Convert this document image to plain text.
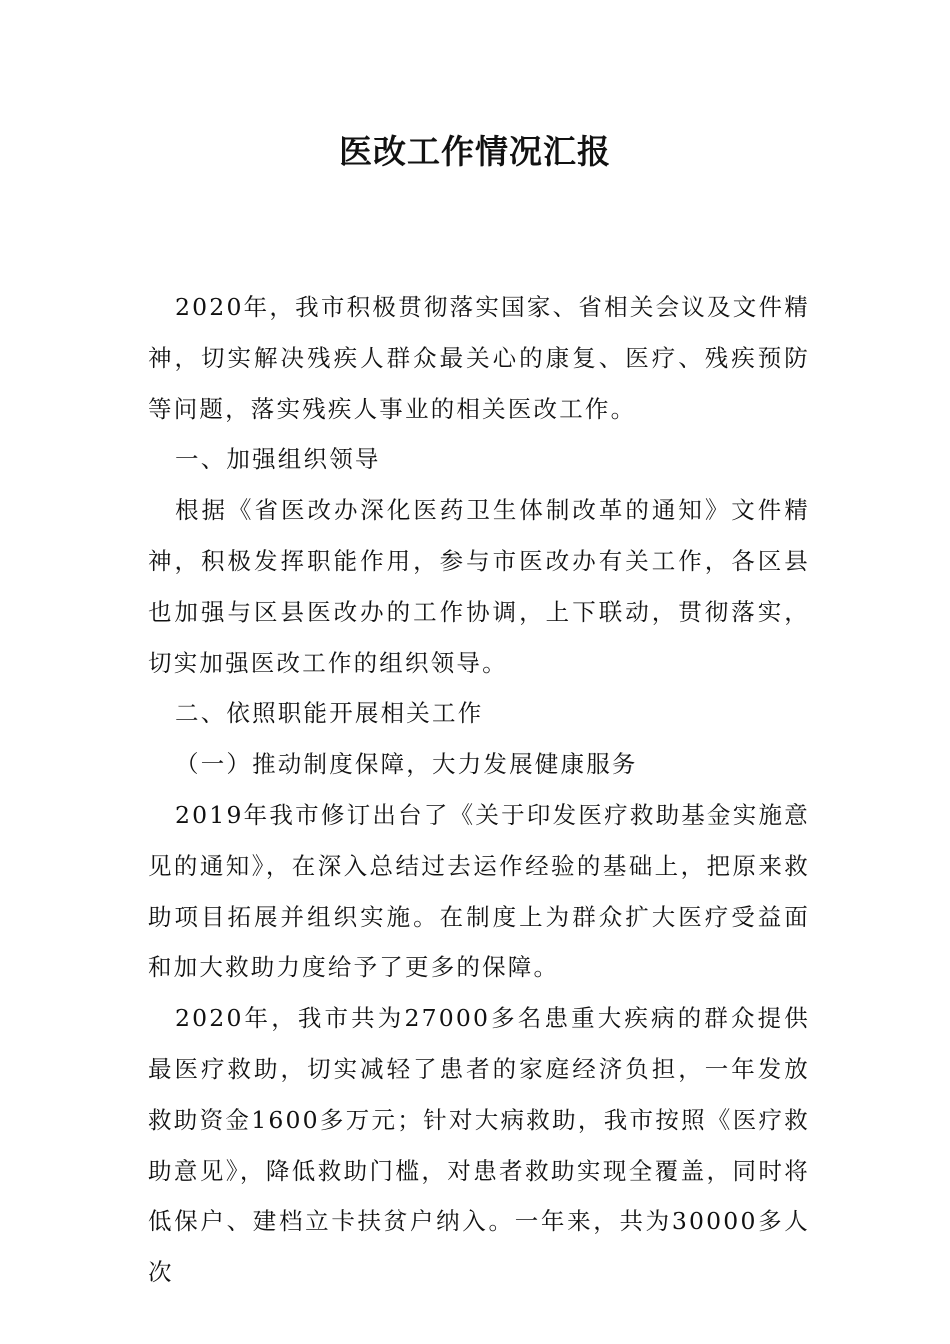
医改工作情况汇报

2020年，我市积极贯彻落实国家、省相关会议及文件精神，切实解决残疾人群众最关心的康复、医疗、残疾预防等问题，落实残疾人事业的相关医改工作。

一、加强组织领导

根据《省医改办深化医药卫生体制改革的通知》文件精神，积极发挥职能作用，参与市医改办有关工作，各区县也加强与区县医改办的工作协调，上下联动，贯彻落实，切实加强医改工作的组织领导。

二、依照职能开展相关工作

（一）推动制度保障，大力发展健康服务

2019年我市修订出台了《关于印发医疗救助基金实施意见的通知》，在深入总结过去运作经验的基础上，把原来救助项目拓展并组织实施。在制度上为群众扩大医疗受益面和加大救助力度给予了更多的保障。

2020年，我市共为27000多名患重大疾病的群众提供最医疗救助，切实减轻了患者的家庭经济负担，一年发放救助资金1600多万元；针对大病救助，我市按照《医疗救助意见》，降低救助门槛，对患者救助实现全覆盖，同时将低保户、建档立卡扶贫户纳入。一年来，共为30000多人次
